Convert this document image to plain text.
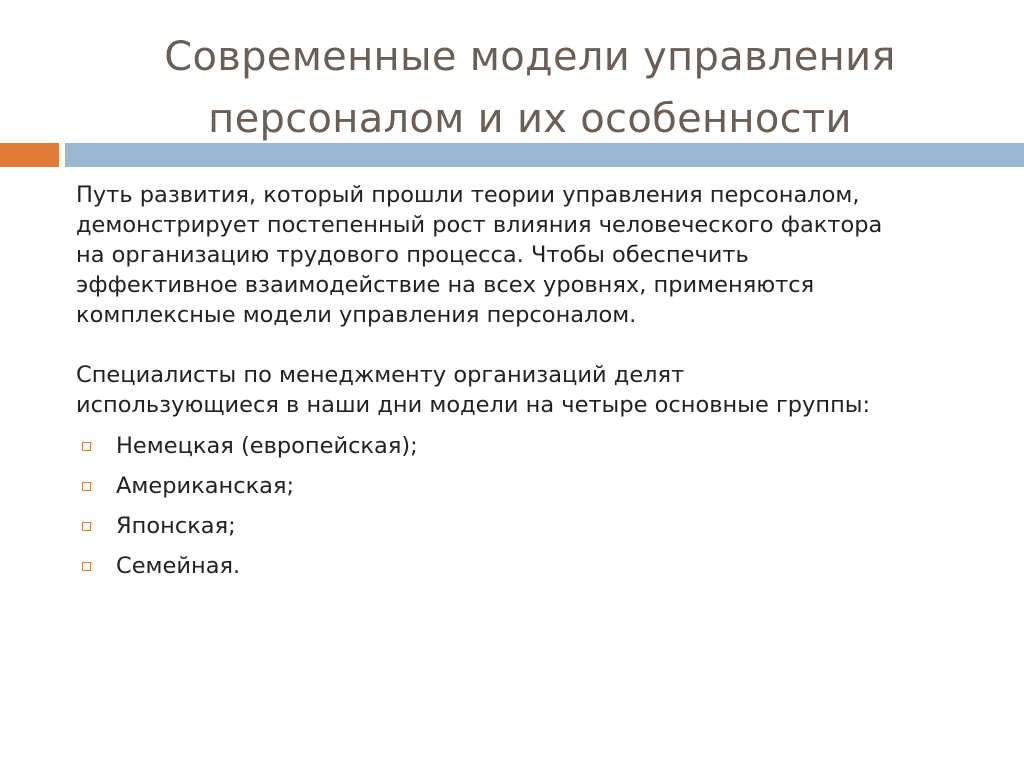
Современные модели управления
персоналом и их особенности

Путь развития, который прошли теории управления персоналом,
демонстрирует постепенный рост влияния человеческого фактора
на организацию трудового процесса. Чтобы обеспечить
эффективное взаимодействие на всех уровнях, применяются
комплексные модели управления персоналом.

Специалисты по менеджменту организаций делят
использующиеся в наши дни модели на четыре основные группы:

Немецкая (европейская);
Американская;
Японская;
Семейная.
